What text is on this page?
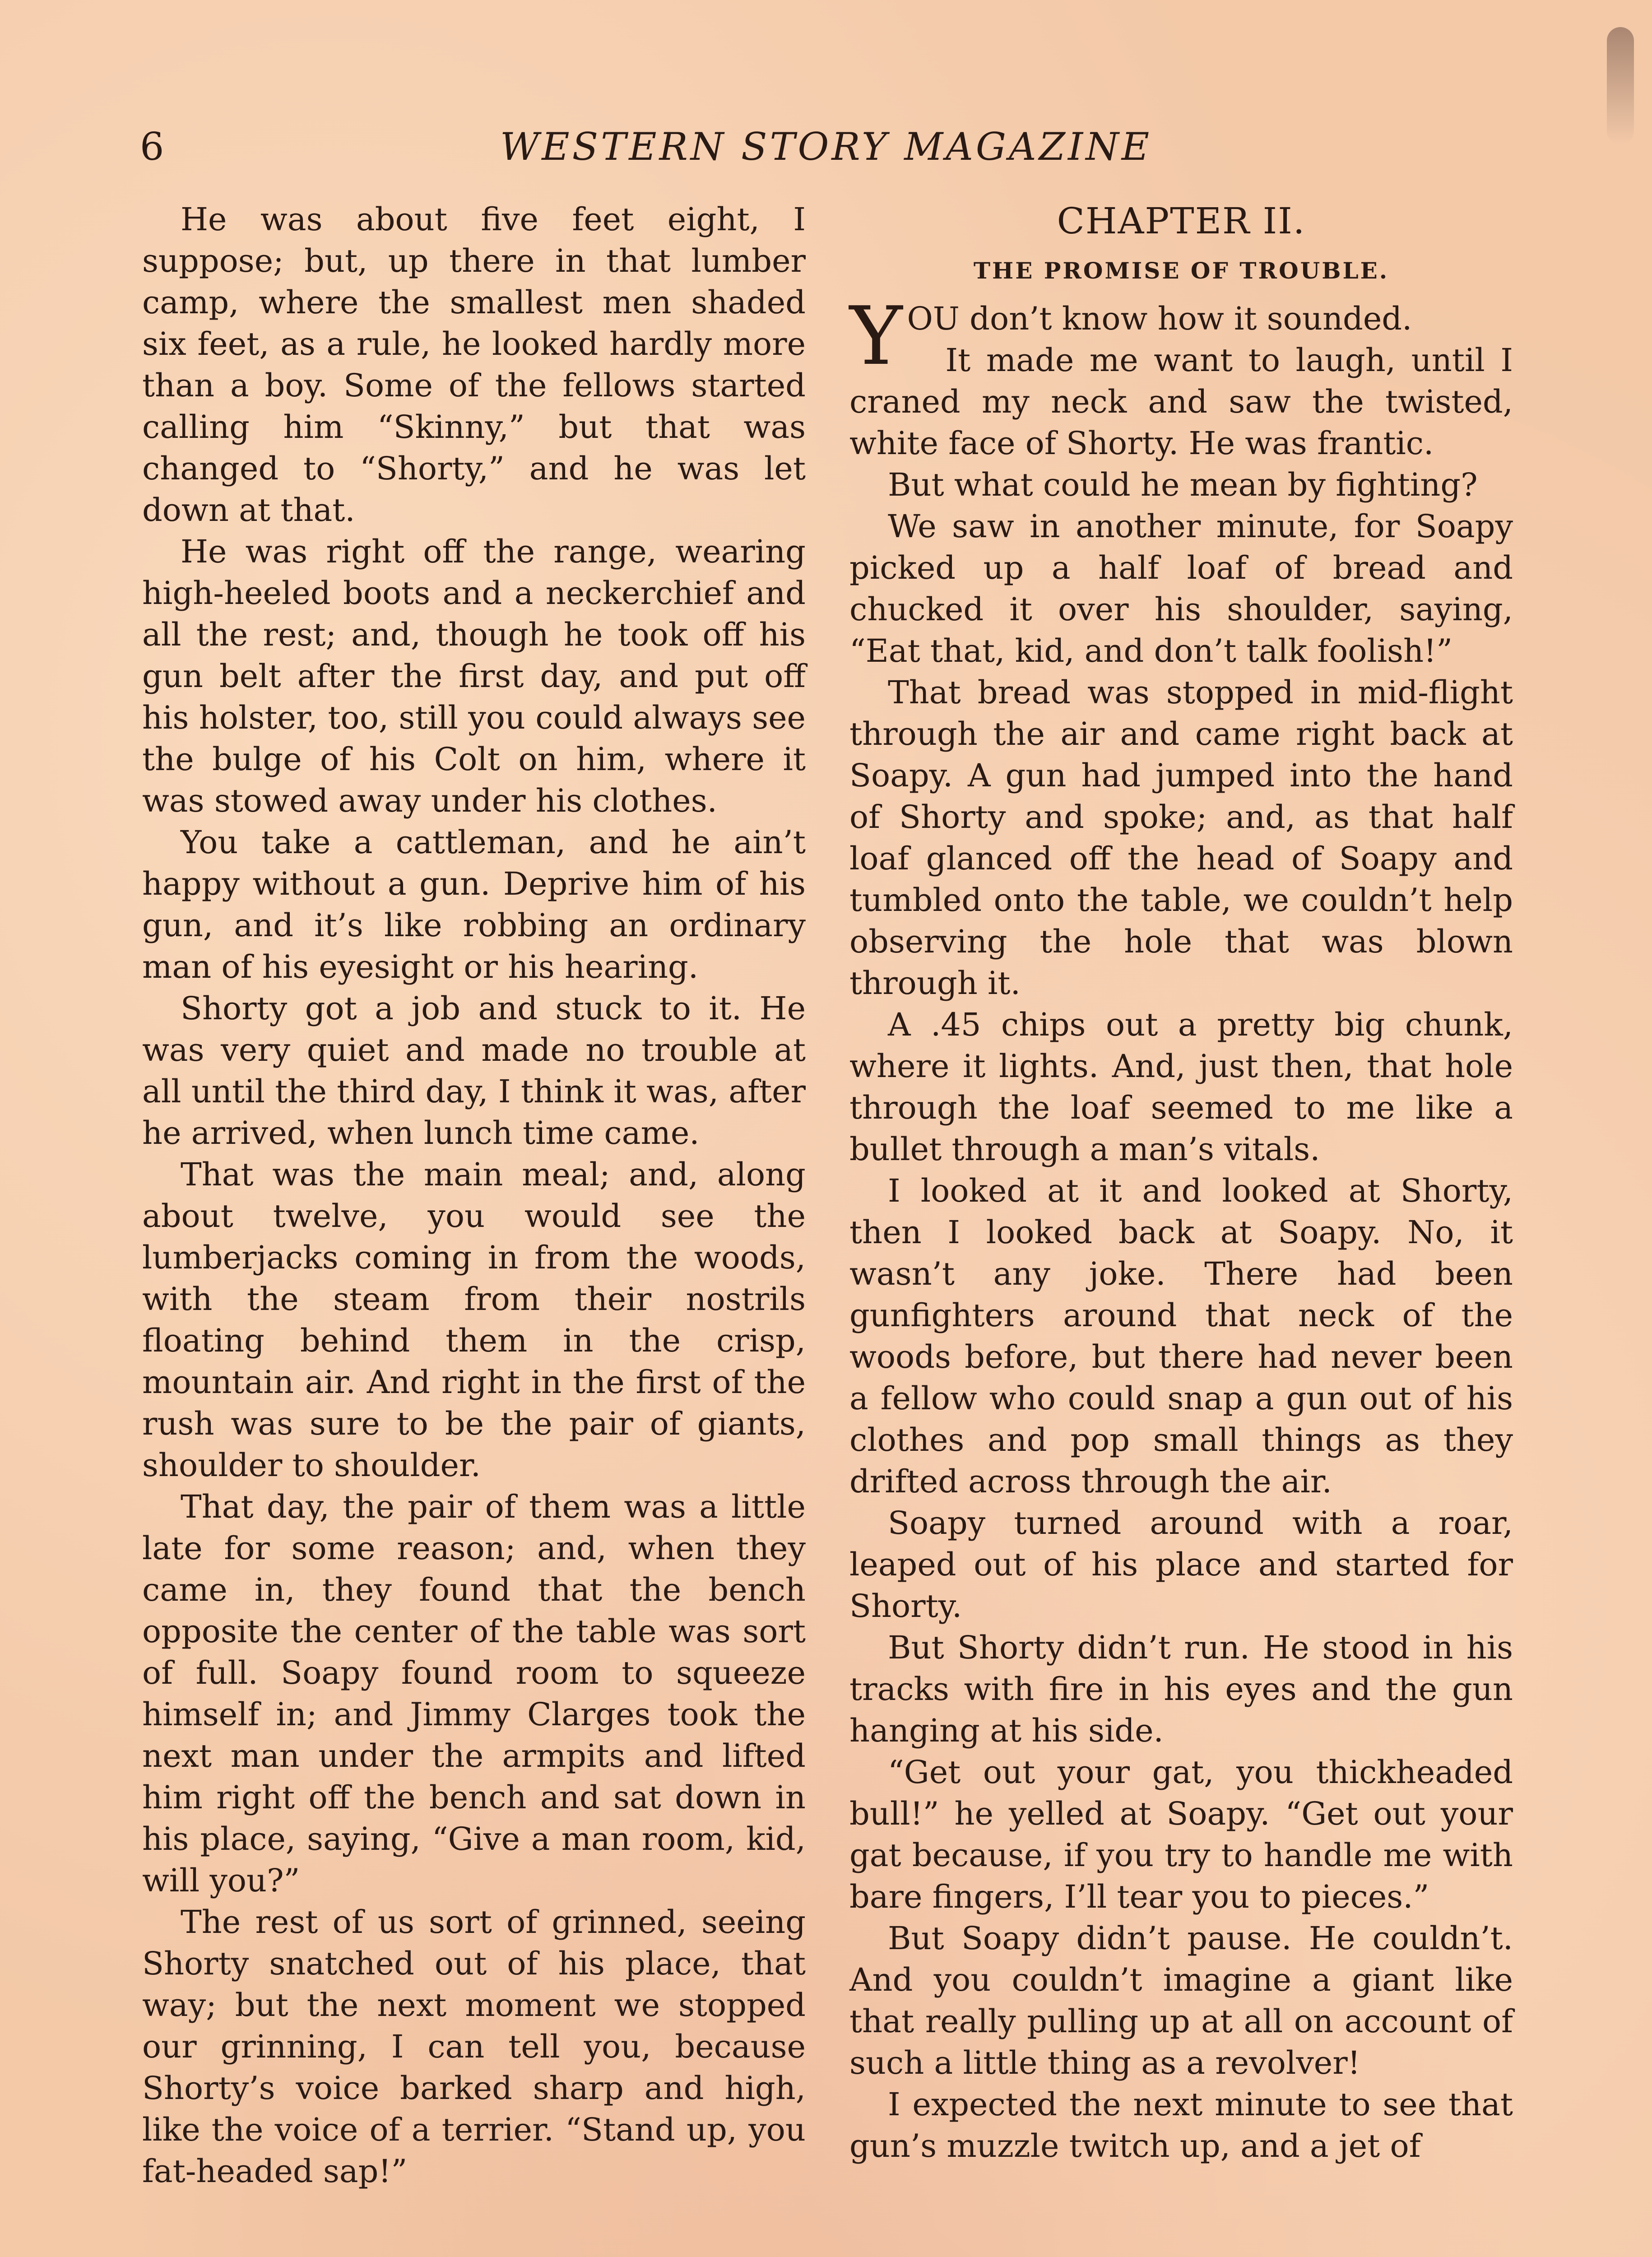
6	WESTERN STORY MAGAZINE

He was about five feet eight, I suppose; but, up there in that lumber camp, where the smallest men shaded six feet, as a rule, he looked hardly more than a boy. Some of the fellows started calling him “Skinny,” but that was changed to “Shorty,” and he was let down at that.

He was right off the range, wearing high-heeled boots and a neckerchief and all the rest; and, though he took off his gun belt after the first day, and put off his holster, too, still you could always see the bulge of his Colt on him, where it was stowed away under his clothes.

You take a cattleman, and he ain’t happy without a gun. Deprive him of his gun, and it’s like robbing an ordinary man of his eyesight or his hearing.

Shorty got a job and stuck to it. He was very quiet and made no trouble at all until the third day, I think it was, after he arrived, when lunch time came.

That was the main meal; and, along about twelve, you would see the lumberjacks coming in from the woods, with the steam from their nostrils floating behind them in the crisp, mountain air. And right in the first of the rush was sure to be the pair of giants, shoulder to shoulder.

That day, the pair of them was a little late for some reason; and, when they came in, they found that the bench opposite the center of the table was sort of full. Soapy found room to squeeze himself in; and Jimmy Clarges took the next man under the armpits and lifted him right off the bench and sat down in his place, saying, “Give a man room, kid, will you?”

The rest of us sort of grinned, seeing Shorty snatched out of his place, that way; but the next moment we stopped our grinning, I can tell you, because Shorty’s voice barked sharp and high, like the voice of a terrier. “Stand up, you fat-headed sap!”

CHAPTER II.
THE PROMISE OF TROUBLE.

YOU don’t know how it sounded.

It made me want to laugh, until I craned my neck and saw the twisted, white face of Shorty. He was frantic.

But what could he mean by fighting?

We saw in another minute, for Soapy picked up a half loaf of bread and chucked it over his shoulder, saying, “Eat that, kid, and don’t talk foolish!”

That bread was stopped in mid-flight through the air and came right back at Soapy. A gun had jumped into the hand of Shorty and spoke; and, as that half loaf glanced off the head of Soapy and tumbled onto the table, we couldn’t help observing the hole that was blown through it.

A .45 chips out a pretty big chunk, where it lights. And, just then, that hole through the loaf seemed to me like a bullet through a man’s vitals.

I looked at it and looked at Shorty, then I looked back at Soapy. No, it wasn’t any joke. There had been gunfighters around that neck of the woods before, but there had never been a fellow who could snap a gun out of his clothes and pop small things as they drifted across through the air.

Soapy turned around with a roar, leaped out of his place and started for Shorty.

But Shorty didn’t run. He stood in his tracks with fire in his eyes and the gun hanging at his side.

“Get out your gat, you thickheaded bull!” he yelled at Soapy. “Get out your gat because, if you try to handle me with bare fingers, I’ll tear you to pieces.”

But Soapy didn’t pause. He couldn’t. And you couldn’t imagine a giant like that really pulling up at all on account of such a little thing as a revolver!

I expected the next minute to see that gun’s muzzle twitch up, and a jet of
